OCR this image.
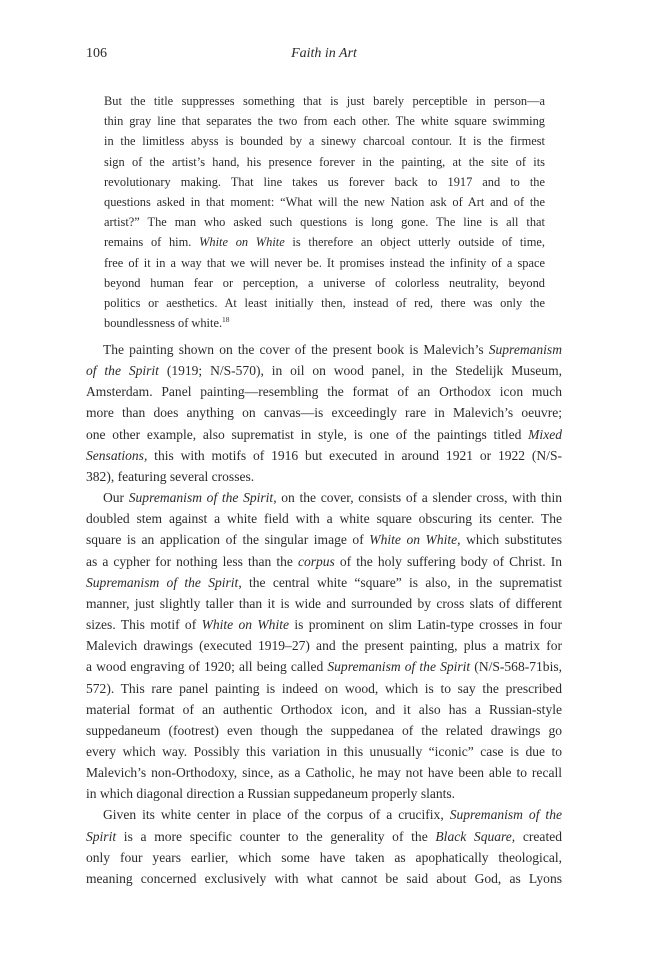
106	Faith in Art
But the title suppresses something that is just barely perceptible in person—a
thin gray line that separates the two from each other. The white square swimming
in the limitless abyss is bounded by a sinewy charcoal contour. It is the firmest
sign of the artist’s hand, his presence forever in the painting, at the site of its
revolutionary making. That line takes us forever back to 1917 and to the
questions asked in that moment: “What will the new Nation ask of Art and of the
artist?” The man who asked such questions is long gone. The line is all that
remains of him. White on White is therefore an object utterly outside of time,
free of it in a way that we will never be. It promises instead the infinity of a space
beyond human fear or perception, a universe of colorless neutrality, beyond
politics or aesthetics. At least initially then, instead of red, there was only the
boundlessness of white.$^{18}$
The painting shown on the cover of the present book is Malevich’s Supremanism
of the Spirit (1919; N/S-570), in oil on wood panel, in the Stedelijk Museum,
Amsterdam. Panel painting—resembling the format of an Orthodox icon much
more than does anything on canvas—is exceedingly rare in Malevich’s oeuvre;
one other example, also suprematist in style, is one of the paintings titled Mixed
Sensations, this with motifs of 1916 but executed in around 1921 or 1922 (N/S-
382), featuring several crosses.
Our Supremanism of the Spirit, on the cover, consists of a slender cross, with thin
doubled stem against a white field with a white square obscuring its center. The
square is an application of the singular image of White on White, which substitutes
as a cypher for nothing less than the corpus of the holy suffering body of Christ. In
Supremanism of the Spirit, the central white “square” is also, in the suprematist
manner, just slightly taller than it is wide and surrounded by cross slats of different
sizes. This motif of White on White is prominent on slim Latin-type crosses in four
Malevich drawings (executed 1919–27) and the present painting, plus a matrix for
a wood engraving of 1920; all being called Supremanism of the Spirit (N/S-568-71bis,
572). This rare panel painting is indeed on wood, which is to say the prescribed
material format of an authentic Orthodox icon, and it also has a Russian-style
suppedaneum (footrest) even though the suppedanea of the related drawings go
every which way. Possibly this variation in this unusually “iconic” case is due to
Malevich’s non-Orthodoxy, since, as a Catholic, he may not have been able to recall
in which diagonal direction a Russian suppedaneum properly slants.
Given its white center in place of the corpus of a crucifix, Supremanism of the
Spirit is a more specific counter to the generality of the Black Square, created
only four years earlier, which some have taken as apophatically theological,
meaning concerned exclusively with what cannot be said about God, as Lyons
